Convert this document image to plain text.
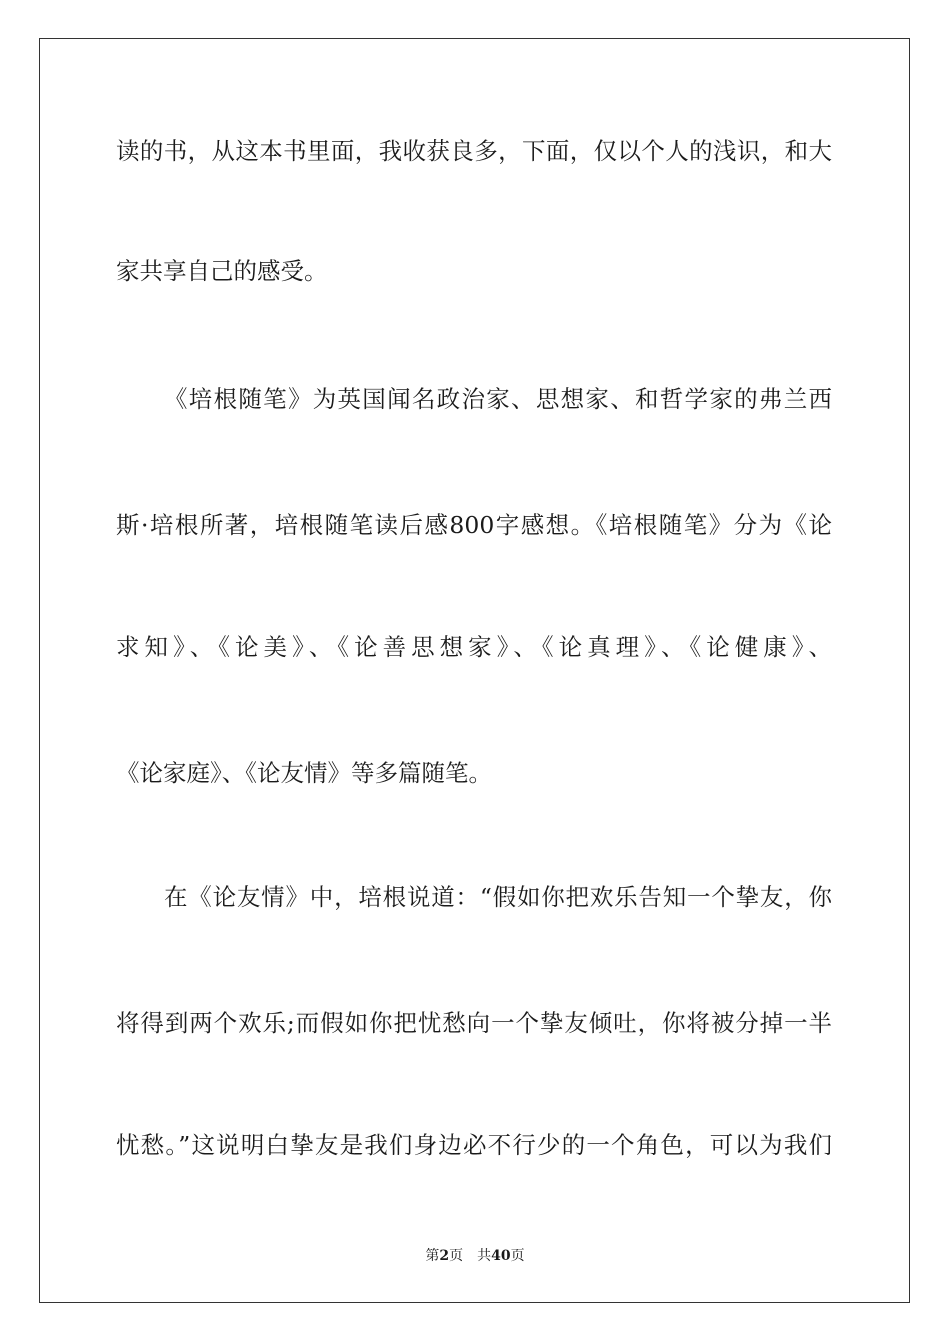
读的书，从这本书里面，我收获良多，下面，仅以个人的浅识，和大
家共享自己的感受。
《培根随笔》为英国闻名政治家、思想家、和哲学家的弗兰西
斯·培根所著，培根随笔读后感800字感想。《培根随笔》分为《论
求知》、《论美》、《论善思想家》、《论真理》、《论健康》、
《论家庭》、《论友情》等多篇随笔。
在《论友情》中，培根说道：“假如你把欢乐告知一个挚友，你
将得到两个欢乐;而假如你把忧愁向一个挚友倾吐，你将被分掉一半
忧愁。”这说明白挚友是我们身边必不行少的一个角色，可以为我们
第2页 共40页
